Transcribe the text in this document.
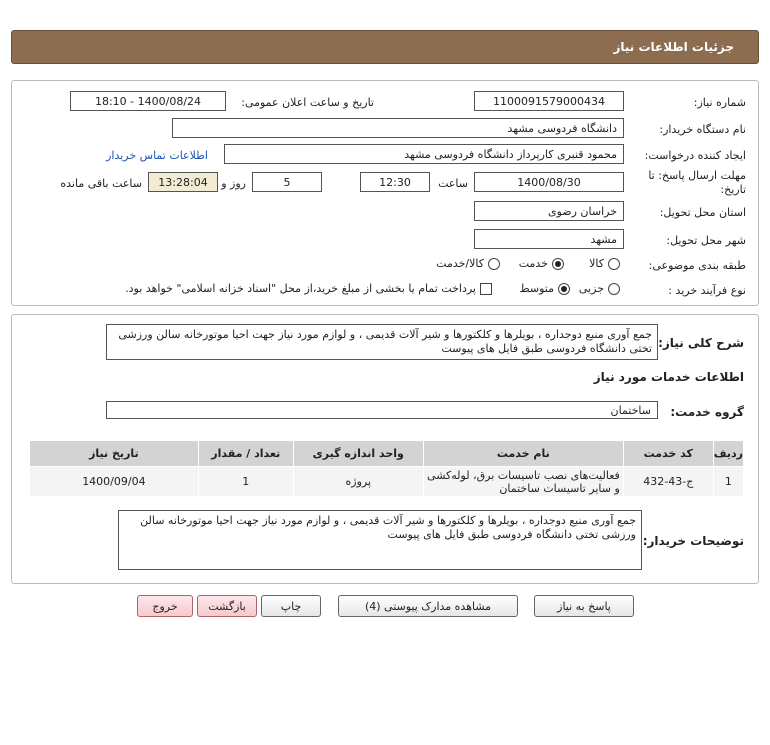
جزئیات اطلاعات نیاز
شماره نیاز:
1100091579000434
تاریخ و ساعت اعلان عمومی:
1400/08/24 - 18:10
نام دستگاه خریدار:
دانشگاه فردوسی مشهد
ایجاد کننده درخواست:
محمود قنبری کارپرداز دانشگاه فردوسی مشهد
اطلاعات تماس خریدار
مهلت ارسال پاسخ: تا
تاریخ:
1400/08/30
ساعت
12:30
5
روز و
13:28:04
ساعت باقی مانده
استان محل تحویل:
خراسان رضوی
شهر محل تحویل:
مشهد
طبقه بندی موضوعی:
کالا
خدمت
کالا/خدمت
نوع فرآیند خرید :
جزیی
متوسط
پرداخت تمام یا بخشی از مبلغ خرید،از محل "اسناد خزانه اسلامی" خواهد بود.
شرح کلی نیاز:
جمع آوری منبع دوجداره ، بویلرها و کلکتورها و شیر آلات قدیمی ، و لوازم مورد نیاز جهت احیا موتورخانه سالن ورزشی تختی دانشگاه فردوسی طبق فایل های پیوست
اطلاعات خدمات مورد نیاز
گروه خدمت:
ساختمان
ردیف	کد خدمت	نام خدمت	واحد اندازه گیری	تعداد / مقدار	تاریخ نیاز
1	ج-43-432	فعالیت‌های نصب تاسیسات برق، لوله‌کشی و سایر تاسیسات ساختمان	پروژه	1	1400/09/04
توضیحات خریدار:
جمع آوری منبع دوجداره ، بویلرها و کلکتورها و شیر آلات قدیمی ، و لوازم مورد نیاز جهت احیا موتورخانه سالن ورزشی تختی دانشگاه فردوسی طبق فایل های پیوست
پاسخ به نیاز
مشاهده مدارک پیوستی (4)
چاپ
بازگشت
خروج
